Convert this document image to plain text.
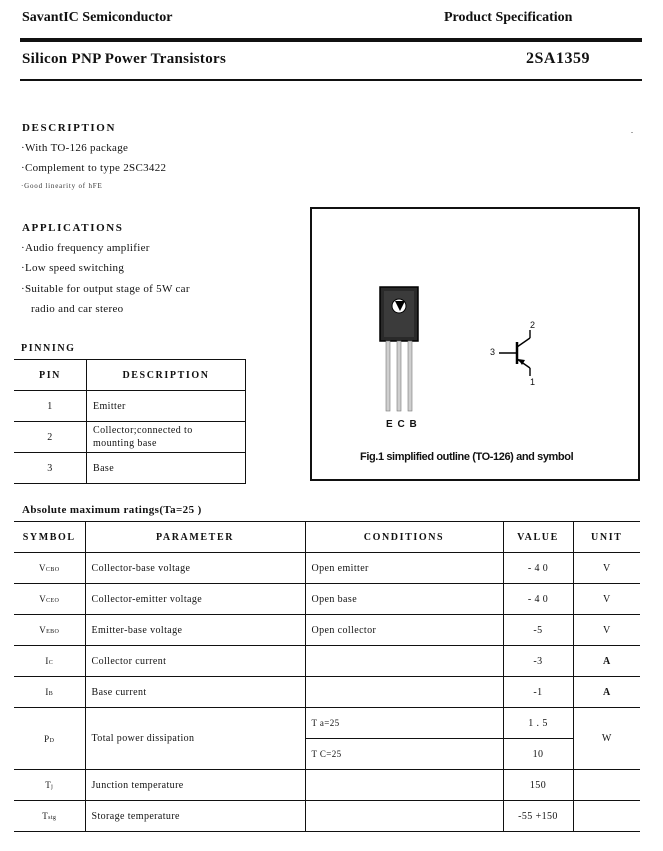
SavantIC Semiconductor	Product Specification
Silicon PNP Power Transistors	2SA1359
.
DESCRIPTION
·With TO-126 package
·Complement to type 2SC3422
·Good linearity of hFE
APPLICATIONS
·Audio frequency amplifier
·Low speed switching
·Suitable for output stage of 5W car
radio and car stereo
E C B
2
3
1
Fig.1 simplified outline (TO-126) and symbol
PINNING
PIN	DESCRIPTION
1	Emitter
2	Collector;connected to
mounting base

3	Base
Absolute maximum ratings(Ta=25 )
SYMBOL	PARAMETER	CONDITIONS	VALUE	UNIT
VCBO	Collector-base voltage	Open emitter	- 4 0	V
VCEO	Collector-emitter voltage	Open base	- 4 0	V
VEBO	Emitter-base voltage	Open collector	-5	V
IC	Collector current		-3	A
IB	Base current		-1	A
PD	Total power dissipation	T a=25	1 . 5	W
		T C=25	10	
Tj	Junction temperature		150	
Tstg	Storage temperature		-55 +150	
